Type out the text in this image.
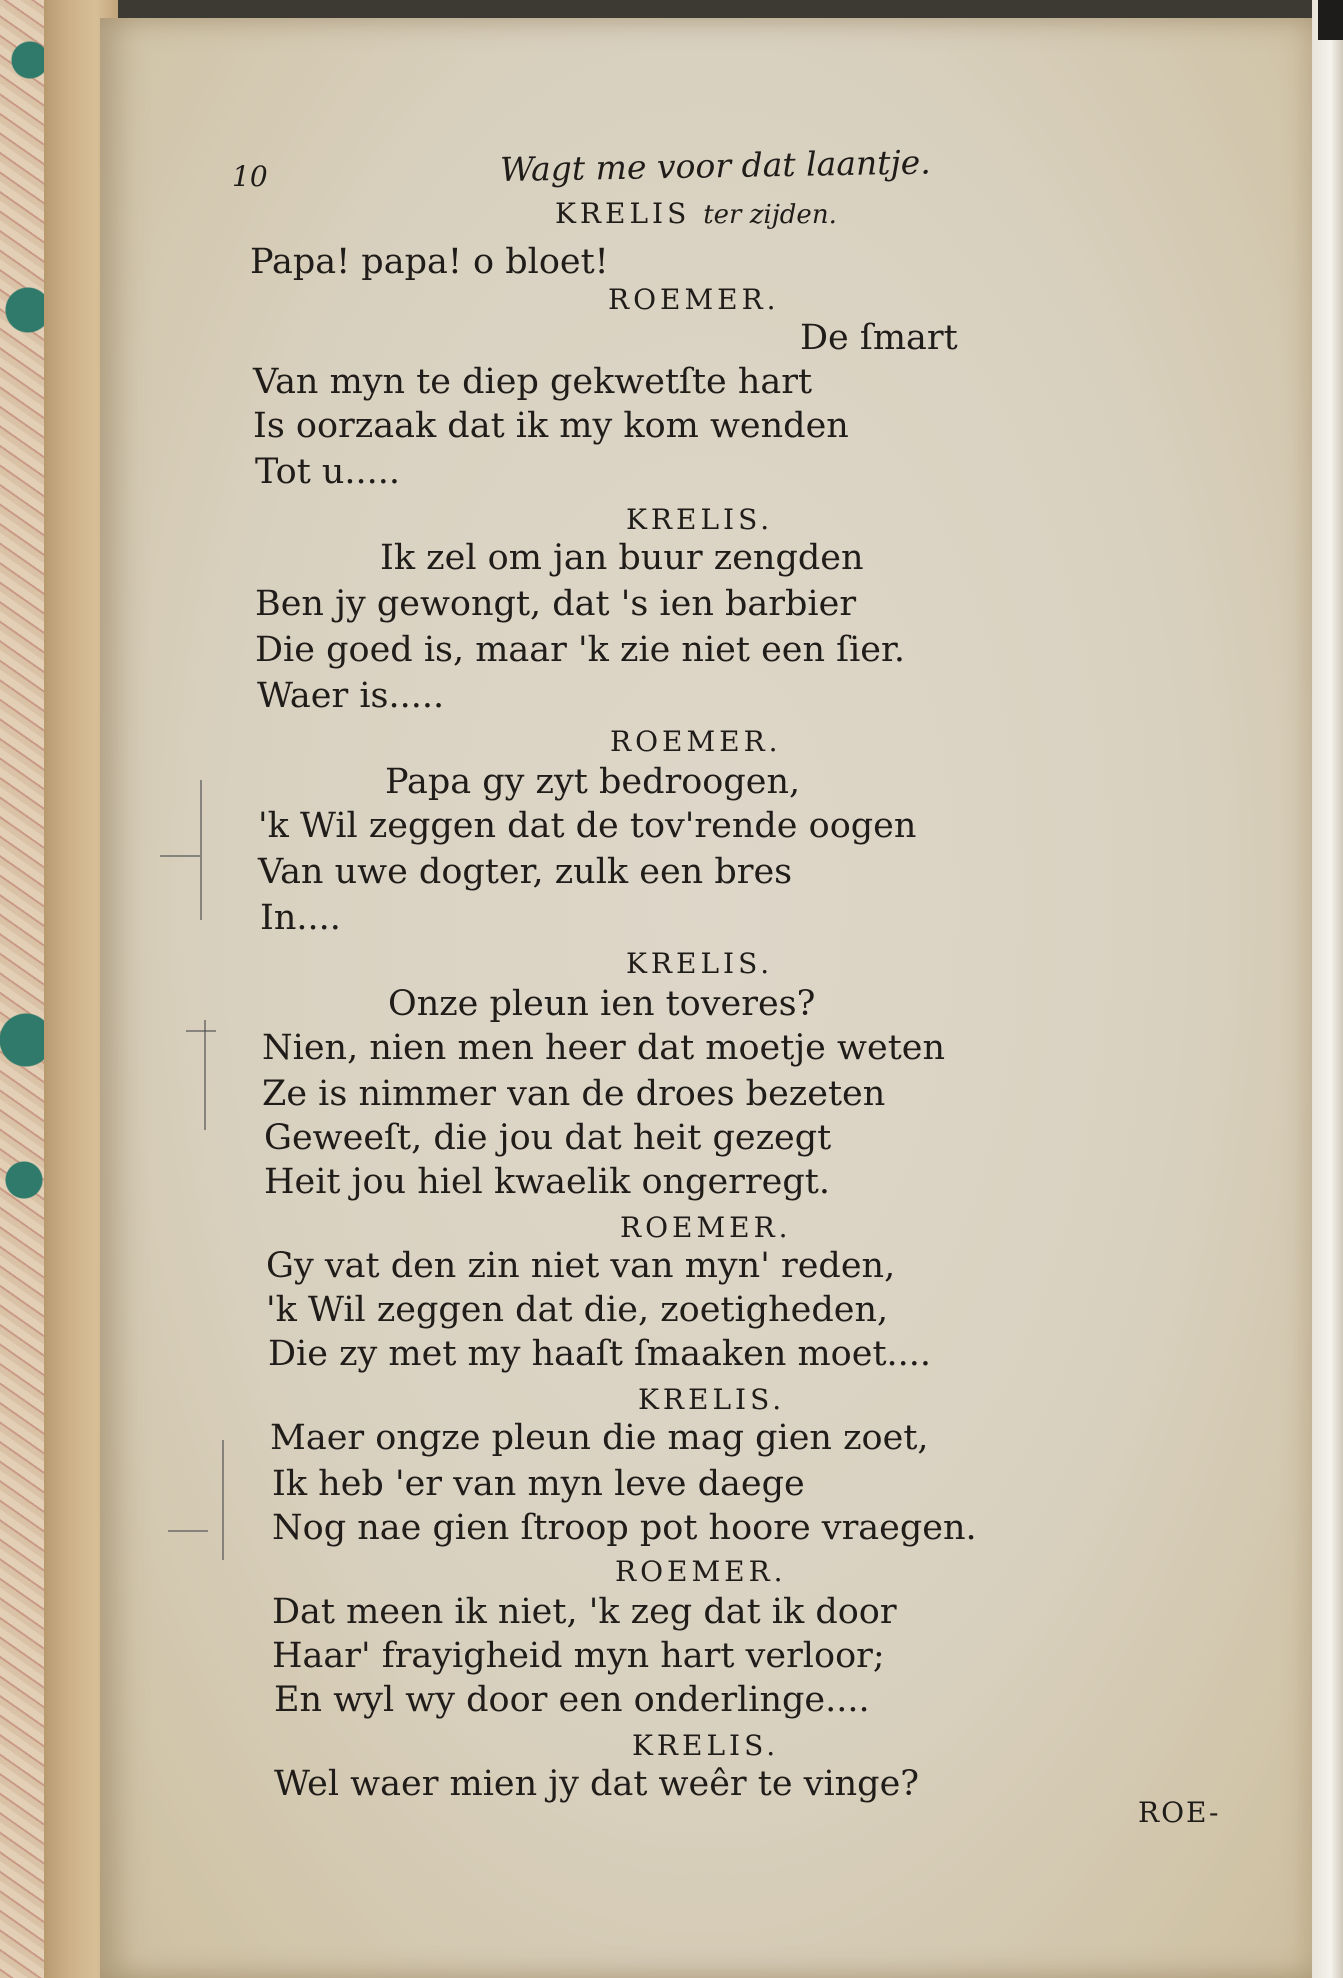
10	Wagt me voor dat laantje.
KRELIS ter zijden.
Papa! papa! o bloet!
ROEMER.
De ſmart
Van myn te diep gekwetſte hart
Is oorzaak dat ik my kom wenden
Tot u.....
KRELIS.
Ik zel om jan buur zengden
Ben jy gewongt, dat 's ien barbier
Die goed is, maar 'k zie niet een ſier.
Waer is.....
ROEMER.
Papa gy zyt bedroogen,
'k Wil zeggen dat de tov'rende oogen
Van uwe dogter, zulk een bres
In....
KRELIS.
Onze pleun ien toveres?
Nien, nien men heer dat moetje weten
Ze is nimmer van de droes bezeten
Geweeſt, die jou dat heit gezegt
Heit jou hiel kwaelik ongerregt.
ROEMER.
Gy vat den zin niet van myn' reden,
'k Wil zeggen dat die, zoetigheden,
Die zy met my haaſt ſmaaken moet....
KRELIS.
Maer ongze pleun die mag gien zoet,
Ik heb 'er van myn leve daege
Nog nae gien ſtroop pot hoore vraegen.
ROEMER.
Dat meen ik niet, 'k zeg dat ik door
Haar' frayigheid myn hart verloor;
En wyl wy door een onderlinge....
KRELIS.
Wel waer mien jy dat weêr te vinge?
ROE-
